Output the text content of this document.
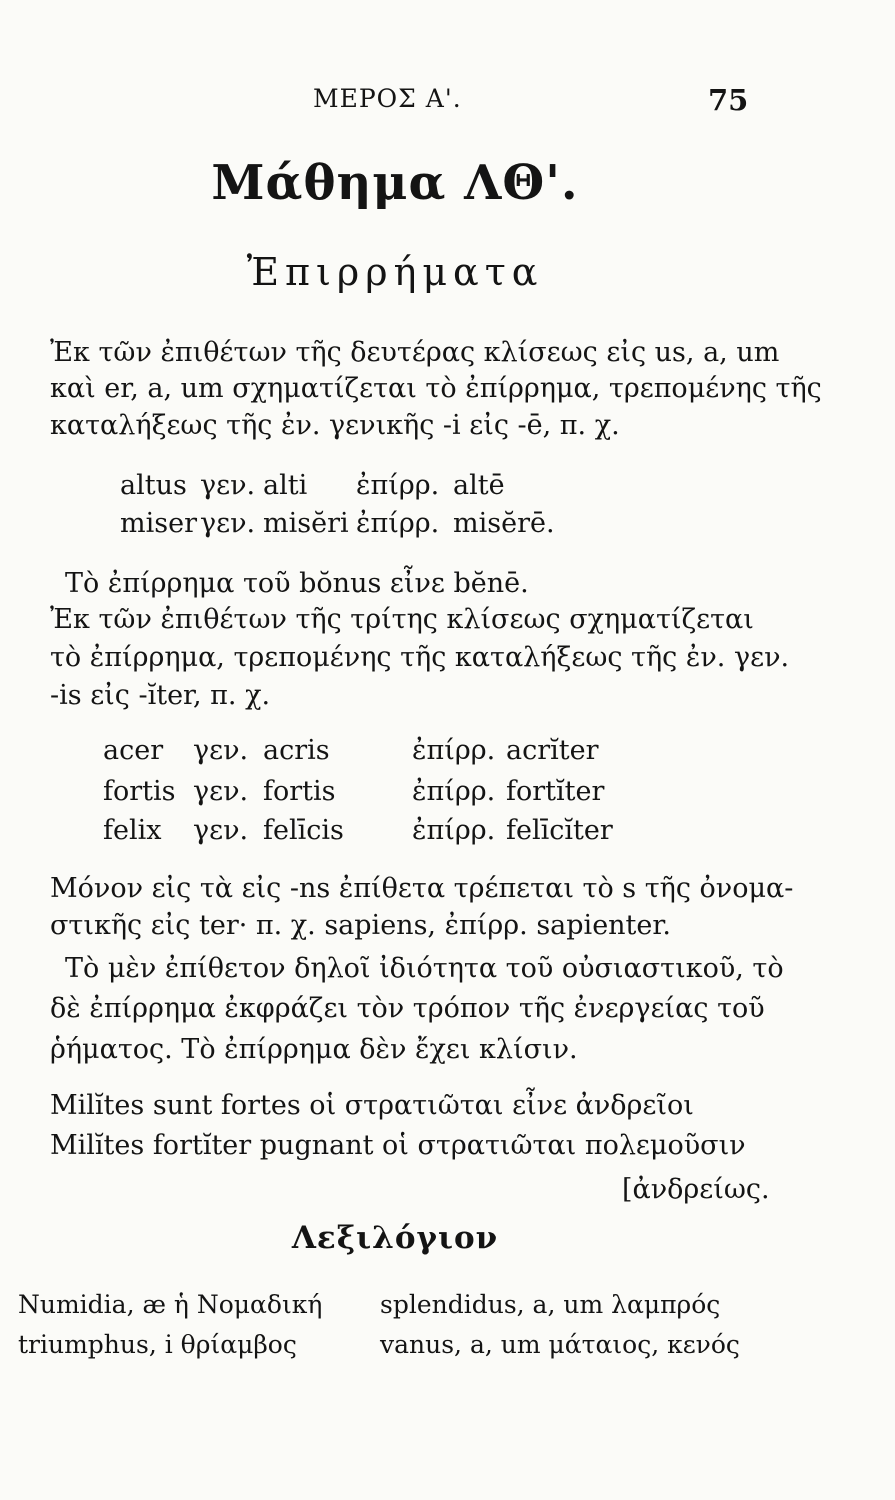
ΜΕΡΟΣ Α'.	75
Μάθημα ΛΘ'.
Ἐπιρρήματα
Ἐκ τῶν ἐπιθέτων τῆς δευτέρας κλίσεως εἰς us, a, um
καὶ er, a, um σχηματίζεται τὸ ἐπίρρημα, τρεπομένης τῆς
καταλήξεως τῆς ἐν. γενικῆς -i εἰς -ē, π. χ.
altus γεν. alti ἐπίρρ. altē
miser γεν. misĕri ἐπίρρ. misĕrē.
Τὸ ἐπίρρημα τοῦ bŏnus εἶνε bĕnē.
Ἐκ τῶν ἐπιθέτων τῆς τρίτης κλίσεως σχηματίζεται
τὸ ἐπίρρημα, τρεπομένης τῆς καταλήξεως τῆς ἐν. γεν.
-is εἰς -ĭter, π. χ.
acer γεν. acris	ἐπίρρ. acrĭter
fortis γεν. fortis	ἐπίρρ. fortĭter
felix γεν. felīcis	ἐπίρρ. felīcĭter
Μόνον εἰς τὰ εἰς -ns ἐπίθετα τρέπεται τὸ s τῆς ὀνομα-
στικῆς εἰς ter· π. χ. sapiens, ἐπίρρ. sapienter.
Τὸ μὲν ἐπίθετον δηλοῖ ἰδιότητα τοῦ οὐσιαστικοῦ, τὸ
δὲ ἐπίρρημα ἐκφράζει τὸν τρόπον τῆς ἐνεργείας τοῦ
ῥήματος. Τὸ ἐπίρρημα δὲν ἔχει κλίσιν.
Milĭtes sunt fortes οἱ στρατιῶται εἶνε ἀνδρεῖοι
Milĭtes fortĭter pugnant οἱ στρατιῶται πολεμοῦσιν
[ἀνδρείως.
Λεξιλόγιον
Numidia, æ ἡ Νομαδική splendidus, a, um λαμπρός
triumphus, i θρίαμβος	vanus, a, um μάταιος, κενός
